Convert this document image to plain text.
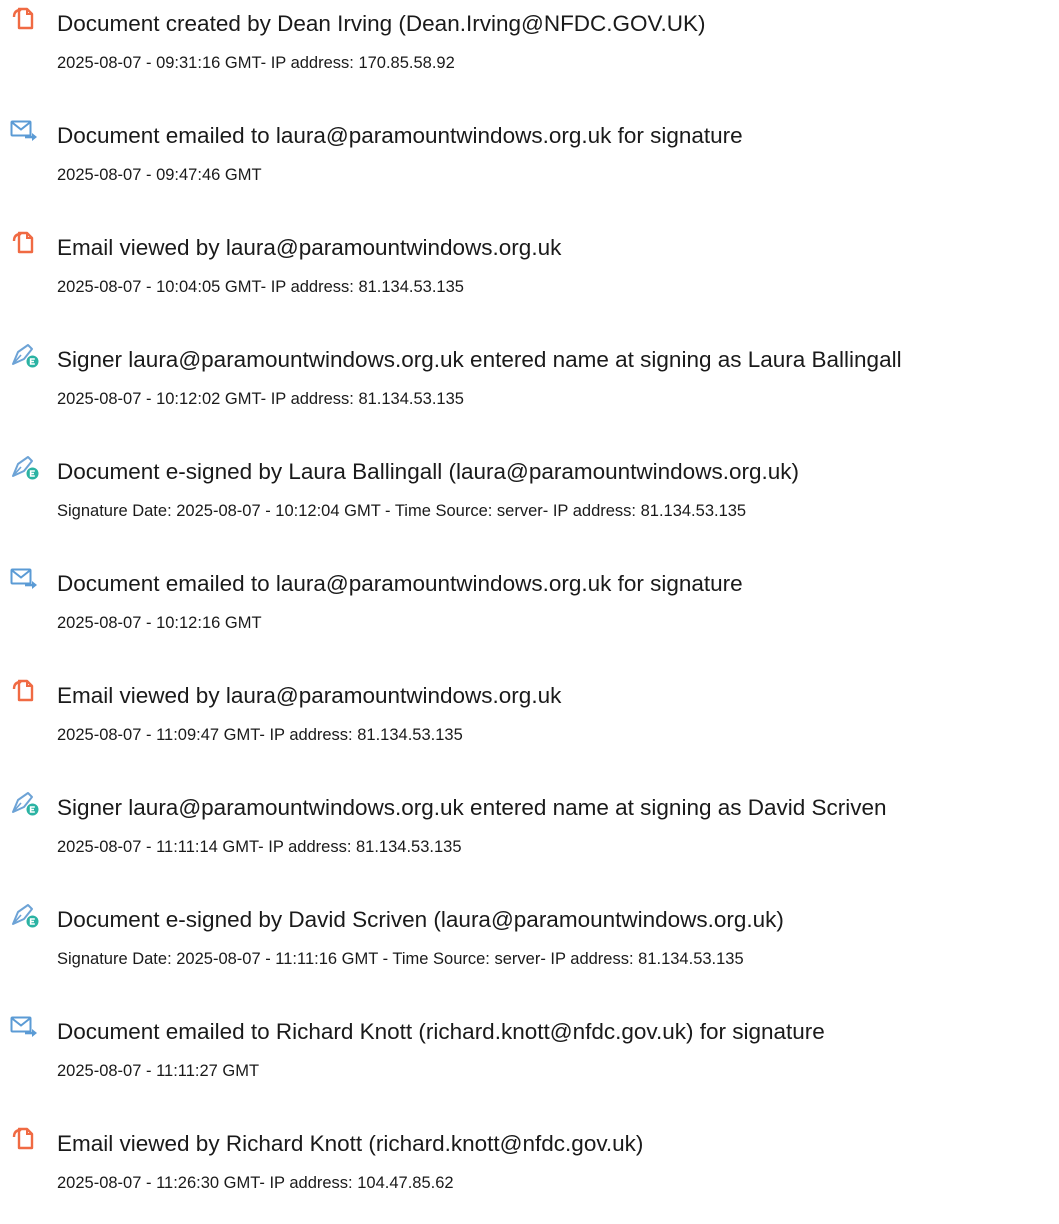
Document created by Dean Irving (Dean.Irving@NFDC.GOV.UK)
2025-08-07 - 09:31:16 GMT- IP address: 170.85.58.92
Document emailed to laura@paramountwindows.org.uk for signature
2025-08-07 - 09:47:46 GMT
Email viewed by laura@paramountwindows.org.uk
2025-08-07 - 10:04:05 GMT- IP address: 81.134.53.135
Signer laura@paramountwindows.org.uk entered name at signing as Laura Ballingall
2025-08-07 - 10:12:02 GMT- IP address: 81.134.53.135
Document e-signed by Laura Ballingall (laura@paramountwindows.org.uk)
Signature Date: 2025-08-07 - 10:12:04 GMT - Time Source: server- IP address: 81.134.53.135
Document emailed to laura@paramountwindows.org.uk for signature
2025-08-07 - 10:12:16 GMT
Email viewed by laura@paramountwindows.org.uk
2025-08-07 - 11:09:47 GMT- IP address: 81.134.53.135
Signer laura@paramountwindows.org.uk entered name at signing as David Scriven
2025-08-07 - 11:11:14 GMT- IP address: 81.134.53.135
Document e-signed by David Scriven (laura@paramountwindows.org.uk)
Signature Date: 2025-08-07 - 11:11:16 GMT - Time Source: server- IP address: 81.134.53.135
Document emailed to Richard Knott (richard.knott@nfdc.gov.uk) for signature
2025-08-07 - 11:11:27 GMT
Email viewed by Richard Knott (richard.knott@nfdc.gov.uk)
2025-08-07 - 11:26:30 GMT- IP address: 104.47.85.62
